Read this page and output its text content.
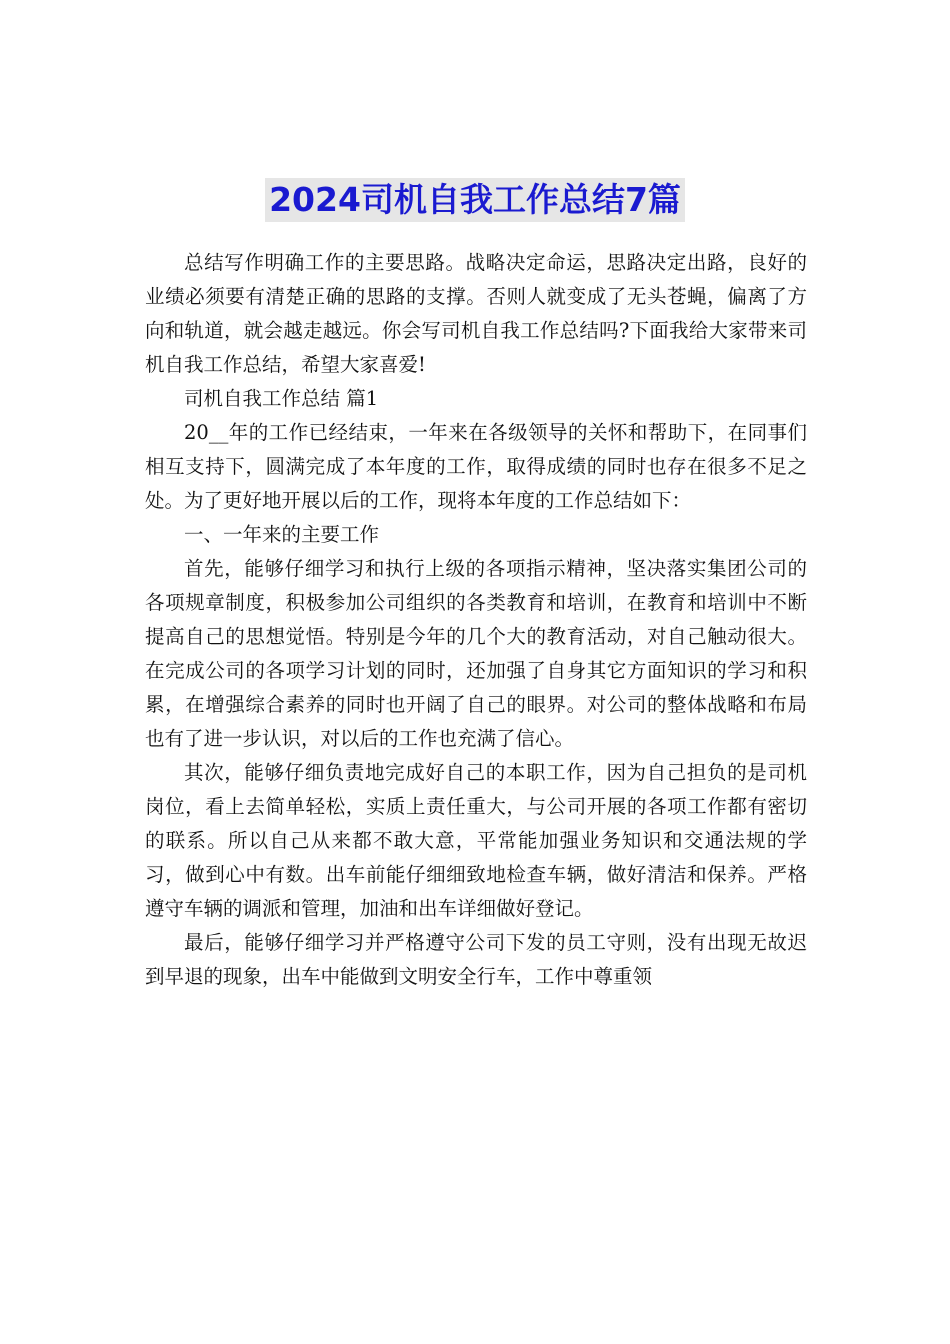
2024司机自我工作总结7篇

总结写作明确工作的主要思路。战略决定命运，思路决定出路，良好的业绩必须要有清楚正确的思路的支撑。否则人就变成了无头苍蝇，偏离了方向和轨道，就会越走越远。你会写司机自我工作总结吗?下面我给大家带来司机自我工作总结，希望大家喜爱!

司机自我工作总结 篇1

20__年的工作已经结束，一年来在各级领导的关怀和帮助下，在同事们相互支持下，圆满完成了本年度的工作，取得成绩的同时也存在很多不足之处。为了更好地开展以后的工作，现将本年度的工作总结如下：

一、一年来的主要工作

首先，能够仔细学习和执行上级的各项指示精神，坚决落实集团公司的各项规章制度，积极参加公司组织的各类教育和培训，在教育和培训中不断提高自己的思想觉悟。特别是今年的几个大的教育活动，对自己触动很大。在完成公司的各项学习计划的同时，还加强了自身其它方面知识的学习和积累，在增强综合素养的同时也开阔了自己的眼界。对公司的整体战略和布局也有了进一步认识，对以后的工作也充满了信心。

其次，能够仔细负责地完成好自己的本职工作，因为自己担负的是司机岗位，看上去简单轻松，实质上责任重大，与公司开展的各项工作都有密切的联系。所以自己从来都不敢大意，平常能加强业务知识和交通法规的学习，做到心中有数。出车前能仔细细致地检查车辆，做好清洁和保养。严格遵守车辆的调派和管理，加油和出车详细做好登记。

最后，能够仔细学习并严格遵守公司下发的员工守则，没有出现无故迟到早退的现象，出车中能做到文明安全行车，工作中尊重领
